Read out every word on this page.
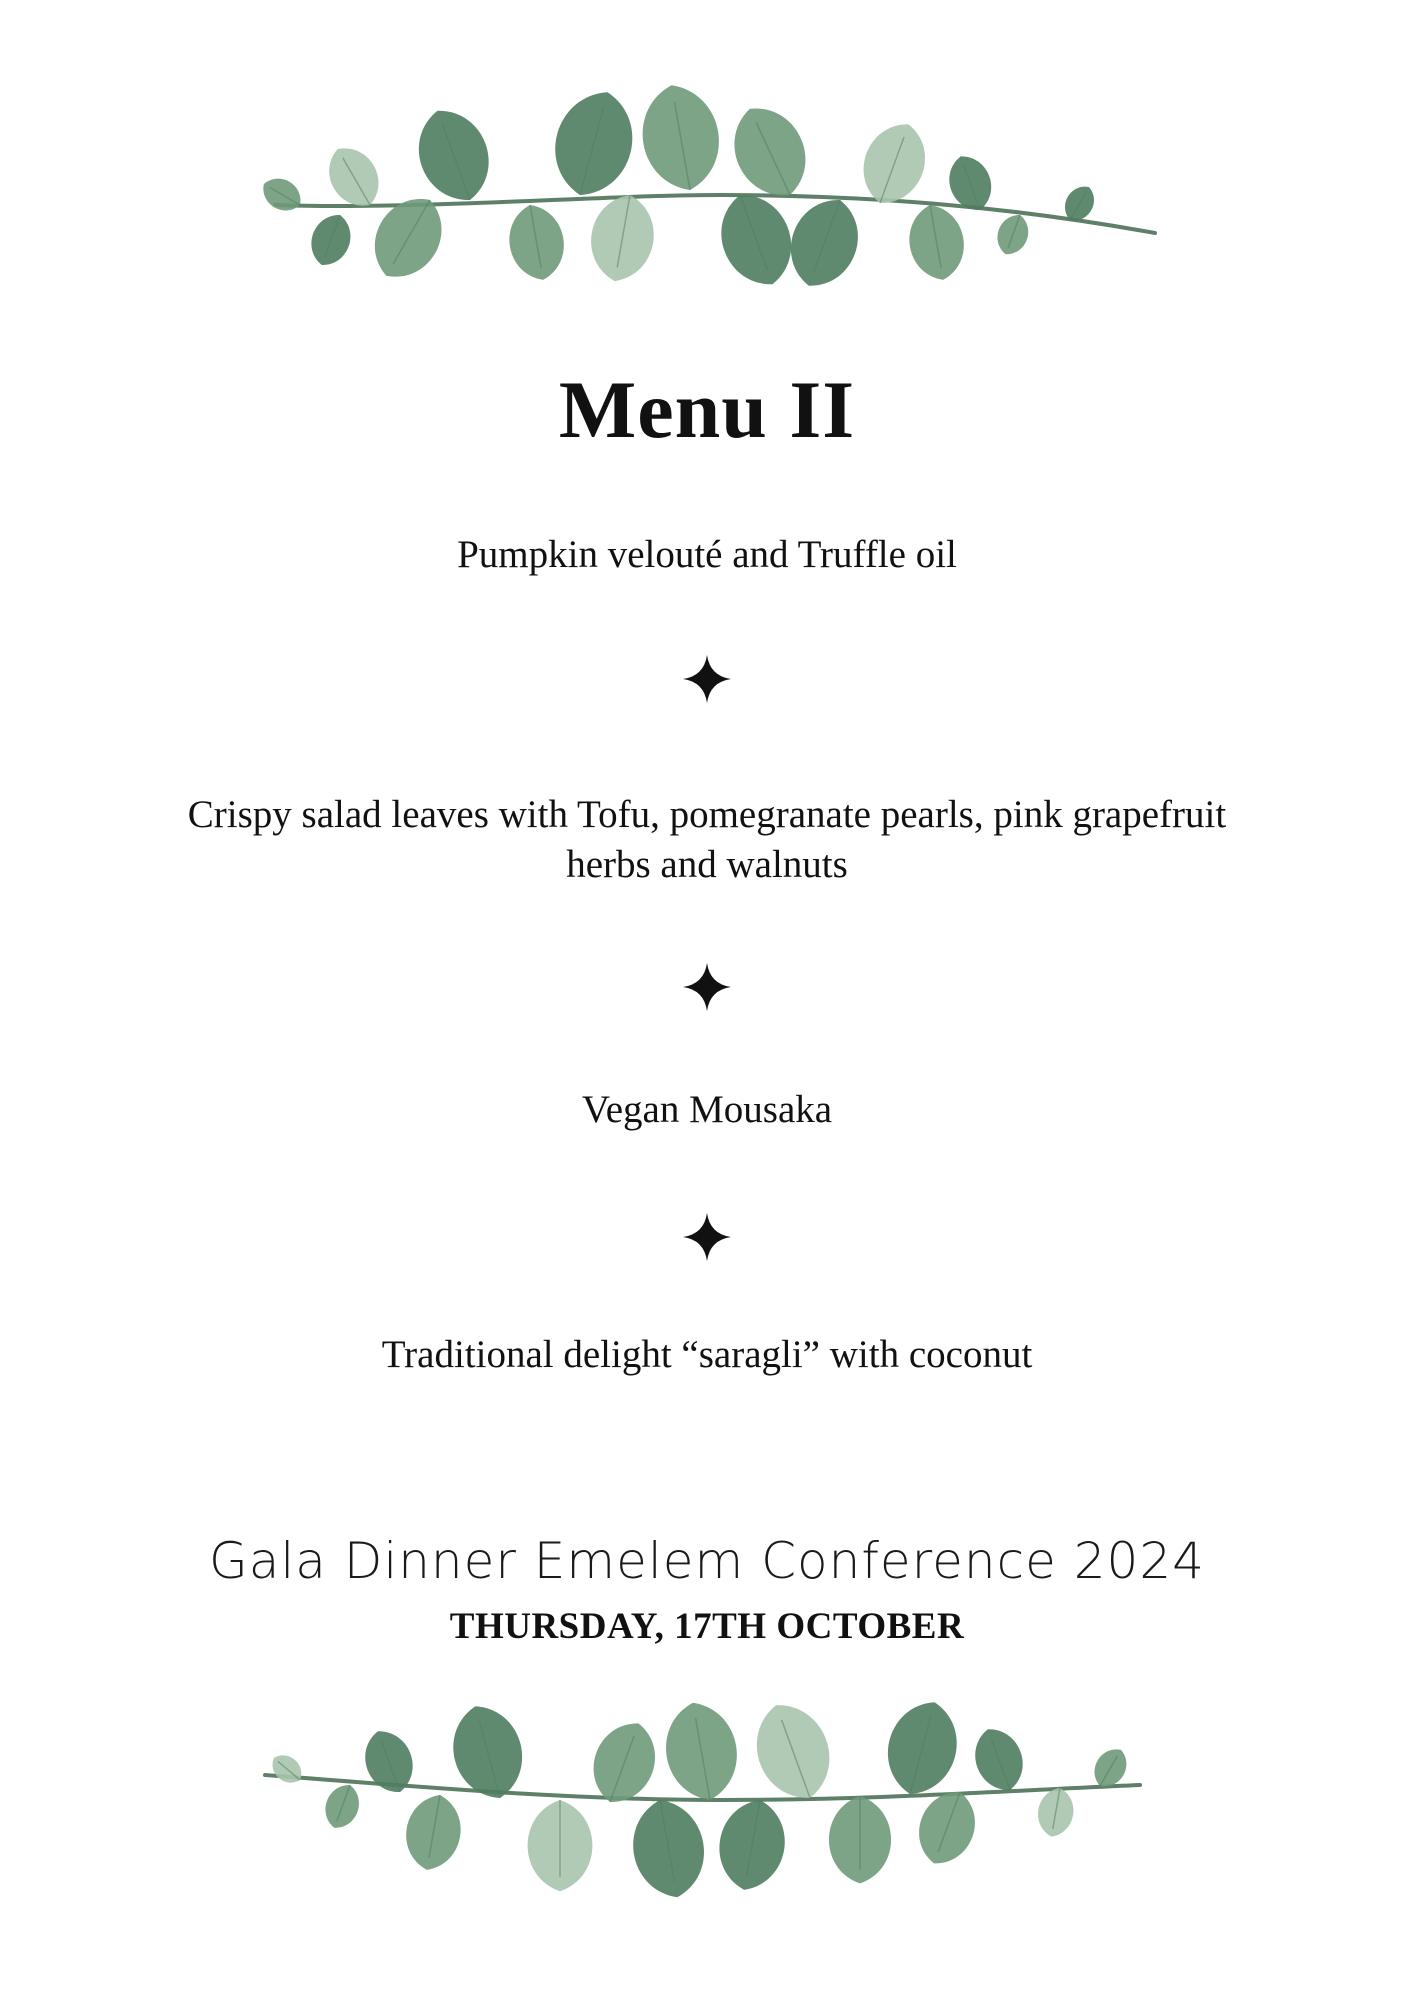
Menu II
Pumpkin velouté and Truffle oil
Crispy salad leaves with Tofu, pomegranate pearls, pink grapefruit herbs and walnuts
Vegan Mousaka
Traditional delight “saragli” with coconut
Gala Dinner Emelem Conference 2024
THURSDAY, 17TH OCTOBER
